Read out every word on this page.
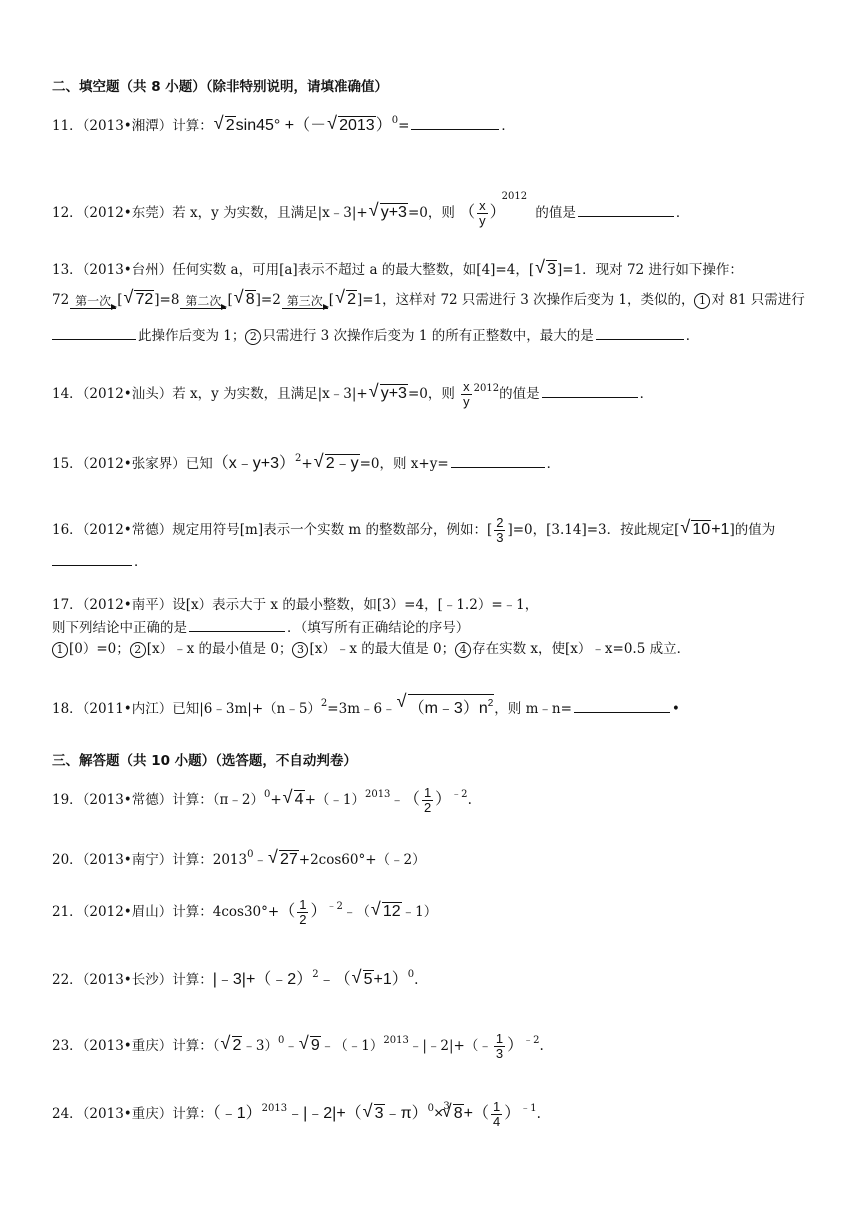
二、填空题（共 8 小题）（除非特别说明，请填准确值）
11．（2013•湘潭）计算：√ 2sin45° +（－√ 2013）$^0$=	．
12．（2012•东莞）若 x，y 为实数，且满足|x﹣3|+√ y+3=0，则 （ $\frac{x}{y} )^{2012}$ 的值是	．
13．（2013•台州）任何实数 a，可用[a]表示不超过 a 的最大整数，如[4]=4，[√ 3]=1．现对 72 进行如下操作：
72 第一次 [√ 72]=8 第二次 [√ 8]=2 第三次 [√ 2]=1，这样对 72 只需进行 3 次操作后变为 1，类似的， 1 对 81 只需进行
此操作后变为 1； 2 只需进行 3 次操作后变为 1 的所有正整数中，最大的是	．
14．（2012•汕头）若 x，y 为实数，且满足|x﹣3|+√ y+3=0，则 $\frac{x}{y} ^{2012}$的值是	．
15．（2012•张家界）已知（x﹣y+3）$^2$+√ 2﹣y=0，则 x+y=	．
16．（2012•常德）规定用符号[m]表示一个实数 m 的整数部分，例如：[ $\frac{2}{3} ]=0$，[3.14]=3．按此规定[√ 10+1]的值为
．
17．（2012•南平）设[x）表示大于 x 的最小整数，如[3）=4，[﹣1.2）=﹣1，
则下列结论中正确的是	．（填写所有正确结论的序号）
1 [0）=0； 2 [x）﹣x 的最小值是 0； 3 [x）﹣x 的最大值是 0； 4 存在实数 x，使[x）﹣x=0.5 成立．
18．（2011•内江）已知|6﹣3m|+（n﹣5）$^2$=3m﹣6﹣√ $(m﹣3)n^2$，则 m﹣n=	•
三、解答题（共 10 小题）（选答题，不自动判卷）
19．（2013•常德）计算：（π﹣2）$^0$+√ 4+（﹣1）$^{2013}$﹣（ $\frac{1}{2} )^{﹣2}$.
20．（2013•南宁）计算：2013$^0$﹣√ 27+2cos60°+（﹣2）
21．（2012•眉山）计算：$4\cos 30^\circ+( \frac{1}{2}$ ）$^{﹣2}﹣(√$ 12﹣1）
22．（2013•长沙）计算：|﹣3|+（﹣2）$^2$﹣（√ 5+1）$^0$.
23．（2013•重庆）计算：（√ 2﹣3）$^0$﹣√ 9﹣（﹣1）$^{2013}$﹣|﹣2|+（﹣ $\frac{1}{3} )^{﹣2}$.
24．（2013•重庆）计算：（﹣1）$^{2013}$﹣|﹣2|+（√ 3﹣π）$^0$×$^3$√ $8+( \frac{1}{4} )^{﹣1}$.
